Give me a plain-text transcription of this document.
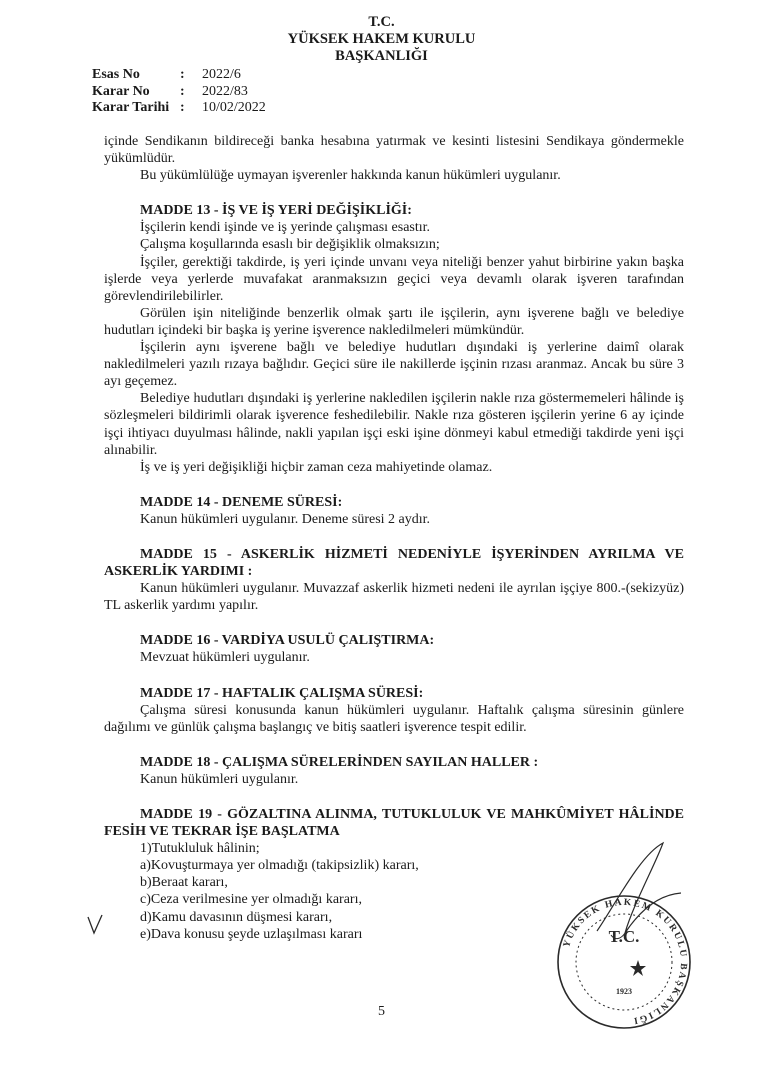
T.C.
YÜKSEK HAKEM KURULU
BAŞKANLIĞI
Esas No	: 2022/6
Karar No : 2022/83
Karar Tarihi : 10/02/2022

içinde Sendikanın bildireceği banka hesabına yatırmak ve kesinti listesini Sendikaya göndermekle yükümlüdür.

Bu yükümlülüğe uymayan işverenler hakkında kanun hükümleri uygulanır.

MADDE 13 - İŞ VE İŞ YERİ DEĞİŞİKLİĞİ:

İşçilerin kendi işinde ve iş yerinde çalışması esastır.

Çalışma koşullarında esaslı bir değişiklik olmaksızın;

İşçiler, gerektiği takdirde, iş yeri içinde unvanı veya niteliği benzer yahut birbirine yakın başka işlerde veya yerlerde muvafakat aranmaksızın geçici veya devamlı olarak işveren tarafından görevlendirilebilirler.

Görülen işin niteliğinde benzerlik olmak şartı ile işçilerin, aynı işverene bağlı ve belediye hudutları içindeki bir başka iş yerine işverence nakledilmeleri mümkündür.

İşçilerin aynı işverene bağlı ve belediye hudutları dışındaki iş yerlerine daimî olarak nakledilmeleri yazılı rızaya bağlıdır. Geçici süre ile nakillerde işçinin rızası aranmaz. Ancak bu süre 3 ayı geçemez.

Belediye hudutları dışındaki iş yerlerine nakledilen işçilerin nakle rıza göstermemeleri hâlinde iş sözleşmeleri bildirimli olarak işverence feshedilebilir. Nakle rıza gösteren işçilerin yerine 6 ay içinde işçi ihtiyacı duyulması hâlinde, nakli yapılan işçi eski işine dönmeyi kabul etmediği takdirde yeni işçi alınabilir.

İş ve iş yeri değişikliği hiçbir zaman ceza mahiyetinde olamaz.

MADDE 14 - DENEME SÜRESİ:

Kanun hükümleri uygulanır. Deneme süresi 2 aydır.

MADDE 15 - ASKERLİK HİZMETİ NEDENİYLE İŞYERİNDEN AYRILMA VE ASKERLİK YARDIMI :

Kanun hükümleri uygulanır. Muvazzaf askerlik hizmeti nedeni ile ayrılan işçiye 800.-(sekizyüz) TL askerlik yardımı yapılır.

MADDE 16 - VARDİYA USULÜ ÇALIŞTIRMA:

Mevzuat hükümleri uygulanır.

MADDE 17 - HAFTALIK ÇALIŞMA SÜRESİ:

Çalışma süresi konusunda kanun hükümleri uygulanır. Haftalık çalışma süresinin günlere dağılımı ve günlük çalışma başlangıç ve bitiş saatleri işverence tespit edilir.

MADDE 18 - ÇALIŞMA SÜRELERİNDEN SAYILAN HALLER :

Kanun hükümleri uygulanır.

MADDE 19 - GÖZALTINA ALINMA, TUTUKLULUK VE MAHKÛMİYET HÂLİNDE FESİH VE TEKRAR İŞE BAŞLATMA

1)Tutukluluk hâlinin;

a)Kovuşturmaya yer olmadığı (takipsizlik) kararı,

b)Beraat kararı,

c)Ceza verilmesine yer olmadığı kararı,

d)Kamu davasının düşmesi kararı,

e)Dava konusu şeyde uzlaşılması kararı

YÜKSEK HAKEM KURULU BAŞKANLIĞI
T.C.
1923
5
